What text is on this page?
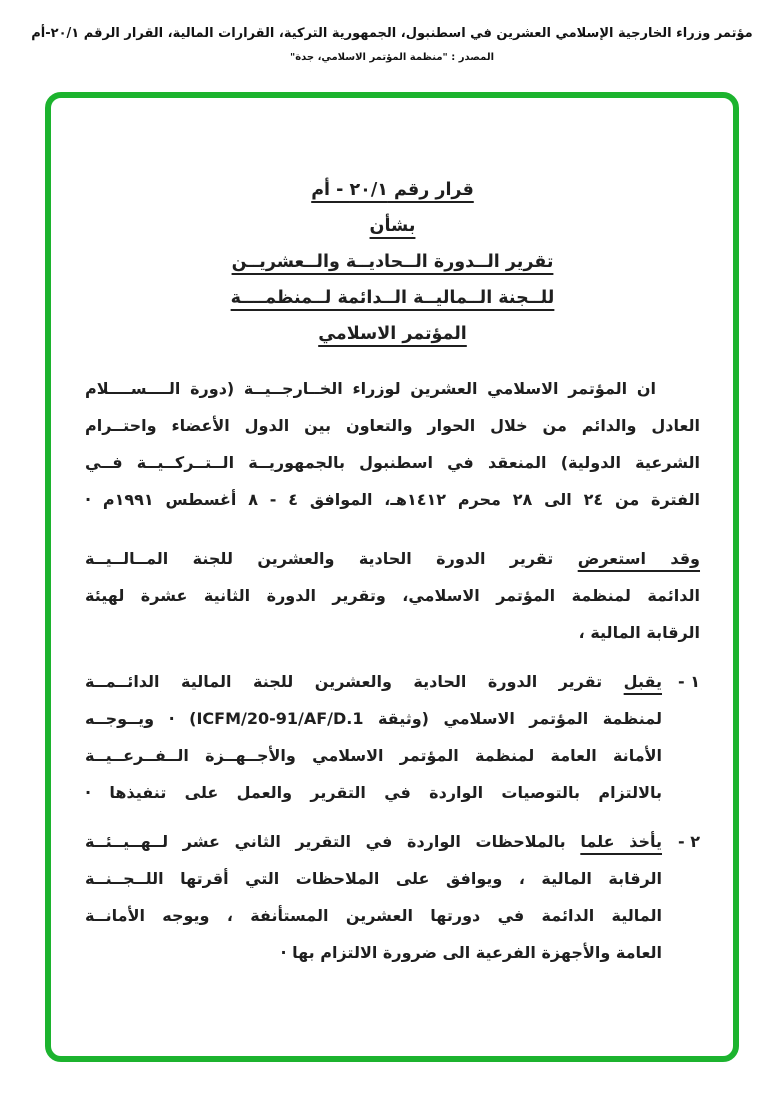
مؤتمر وزراء الخارجية الإسلامي العشرين في اسطنبول، الجمهورية التركية، القرارات المالية، القرار الرقم ٢٠/١-أم
المصدر : "منظمة المؤتمر الاسلامي، جدة"
قرار رقم ٢٠/١ - أم
بشأن
تقرير الــدورة الــحاديــة والــعشريــن
للــجنة الــماليــة الــدائمة لــمنظمــــة
المؤتمر الاسلامي
ان المؤتمر الاسلامي العشرين لوزراء الخــارجــيــة (دورة الــــســــلام
العادل والدائم من خلال الحوار والتعاون بين الدول الأعضاء واحتــرام
الشرعية الدولية) المنعقد في اسطنبول بالجمهوريــة الــتــركــيــة فــي
الفترة من ٢٤ الى ٢٨ محرم ١٤١٢هـ، الموافق ٤ - ٨ أغسطس ١٩٩١م ·
وقد استعرض تقرير الدورة الحادية والعشرين للجنة المــالــيــة
الدائمة لمنظمة المؤتمر الاسلامي، وتقرير الدورة الثانية عشرة لهيئة
الرقابة المالية ،
١ -
يقبل تقرير الدورة الحادية والعشرين للجنة المالية الدائــمــة
لمنظمة المؤتمر الاسلامي (وثيقة ICFM/20-91/AF/D.1) · ويــوجــه
الأمانة العامة لمنظمة المؤتمر الاسلامي والأجــهــزة الــفــرعــيــة
بالالتزام بالتوصيات الواردة في التقرير والعمل على تنفيذها ·
٢ -
يأخذ علما بالملاحظات الواردة في التقرير الثاني عشر لــهــيــئــة
الرقابة المالية ، ويوافق على الملاحظات التي أقرتها اللــجــنــة
المالية الدائمة في دورتها العشرين المستأنفة ، ويوجه الأمانــة
العامة والأجهزة الفرعية الى ضرورة الالتزام بها ·
